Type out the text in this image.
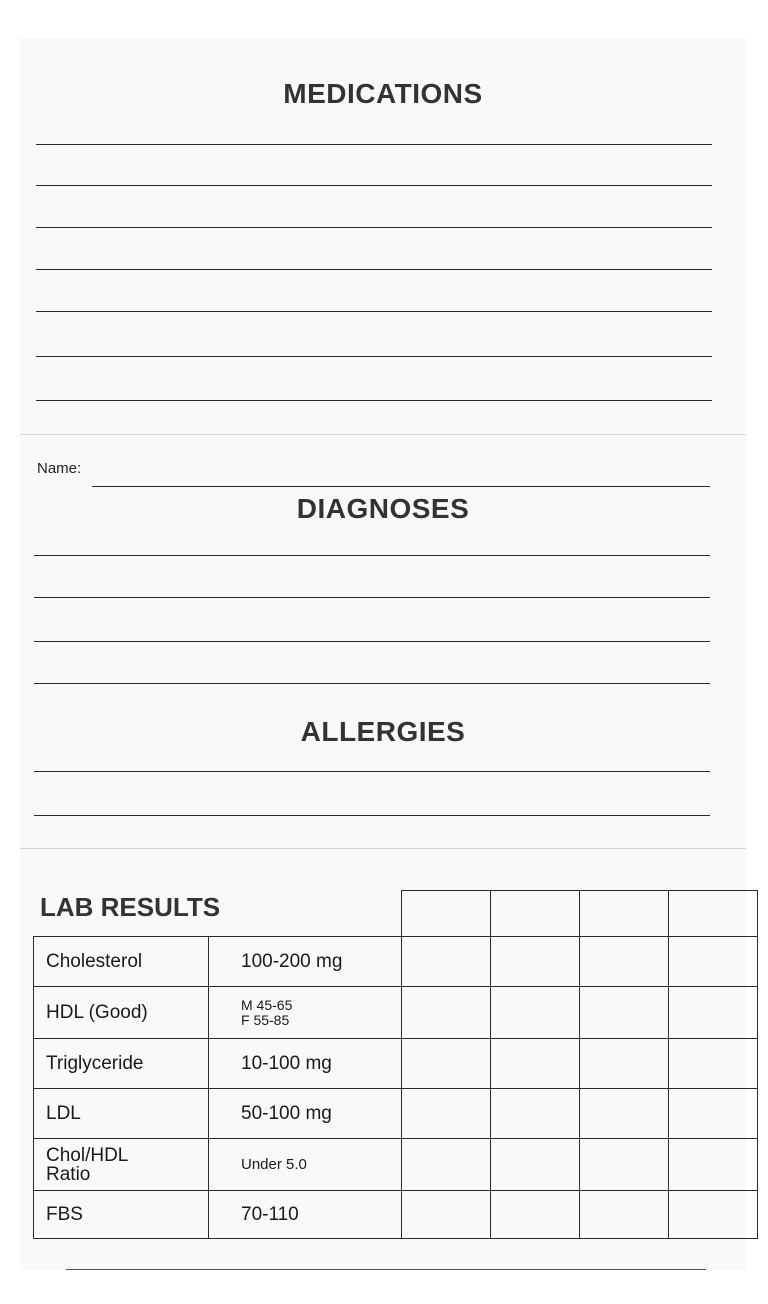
MEDICATIONS
Name:
DIAGNOSES
ALLERGIES
LAB RESULTS

Cholesterol	100-200 mg				
HDL (Good)	M 45-65
F 55-85				

Triglyceride	10-100 mg				
LDL	50-100 mg				

Chol/HDL
Ratio	Under 5.0				
FBS	70-110				
